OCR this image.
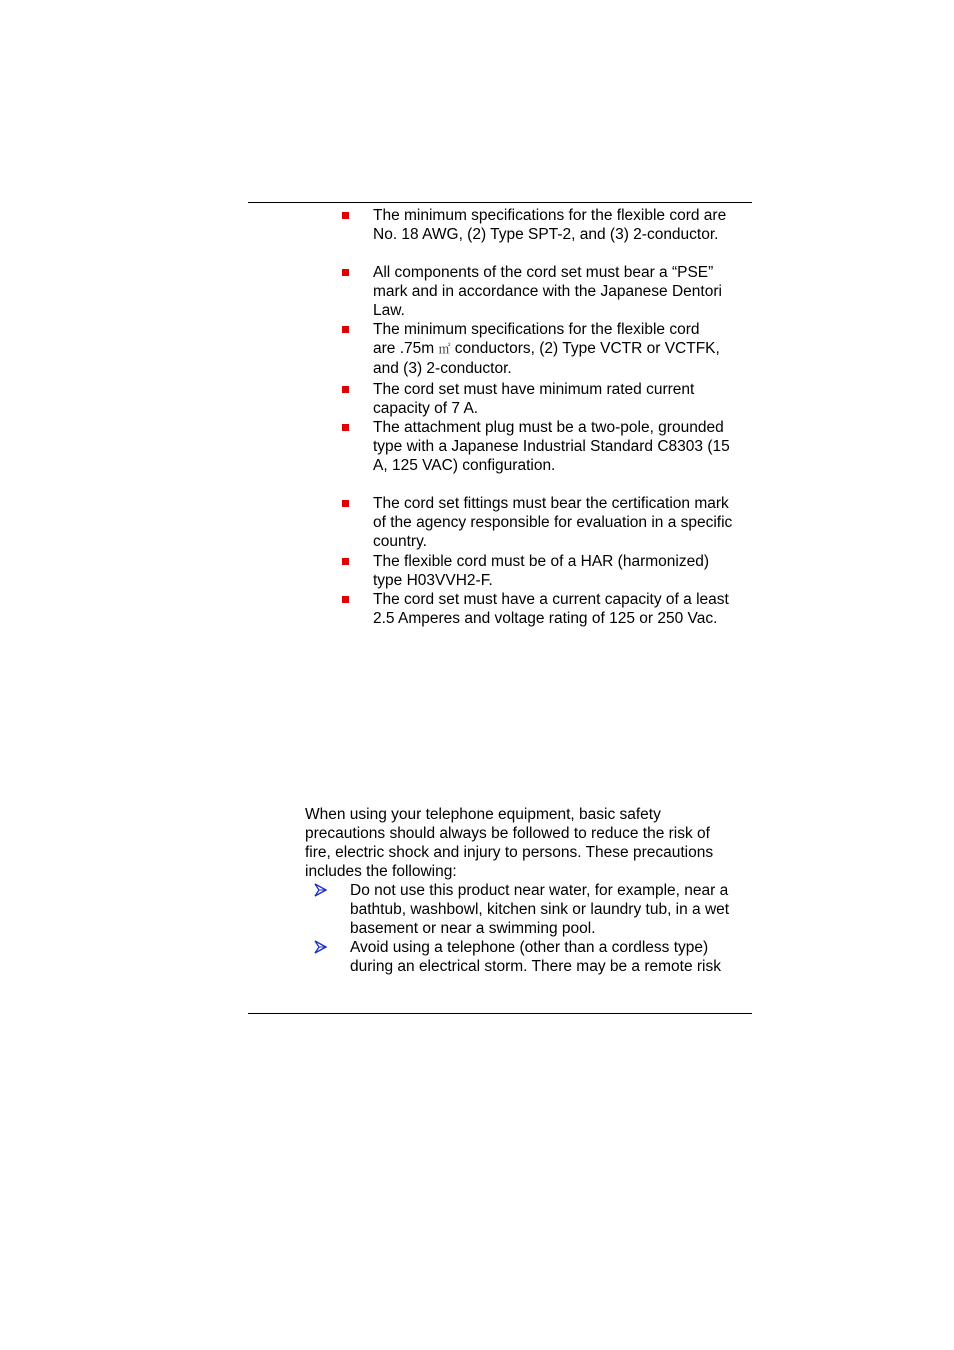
The minimum specifications for the flexible cord are
No. 18 AWG, (2) Type SPT-2, and (3) 2-conductor.
All components of the cord set must bear a “PSE”
mark and in accordance with the Japanese Dentori
Law.
The minimum specifications for the flexible cord
are .75m ㎡ conductors, (2) Type VCTR or VCTFK,
and (3) 2-conductor.
The cord set must have minimum rated current
capacity of 7 A.
The attachment plug must be a two-pole, grounded
type with a Japanese Industrial Standard C8303 (15
A, 125 VAC) configuration.
The cord set fittings must bear the certification mark
of the agency responsible for evaluation in a specific
country.
The flexible cord must be of a HAR (harmonized)
type H03VVH2-F.
The cord set must have a current capacity of a least
2.5 Amperes and voltage rating of 125 or 250 Vac.
When using your telephone equipment, basic safety
precautions should always be followed to reduce the risk of
fire, electric shock and injury to persons. These precautions
includes the following:
Do not use this product near water, for example, near a
bathtub, washbowl, kitchen sink or laundry tub, in a wet
basement or near a swimming pool.
Avoid using a telephone (other than a cordless type)
during an electrical storm. There may be a remote risk
